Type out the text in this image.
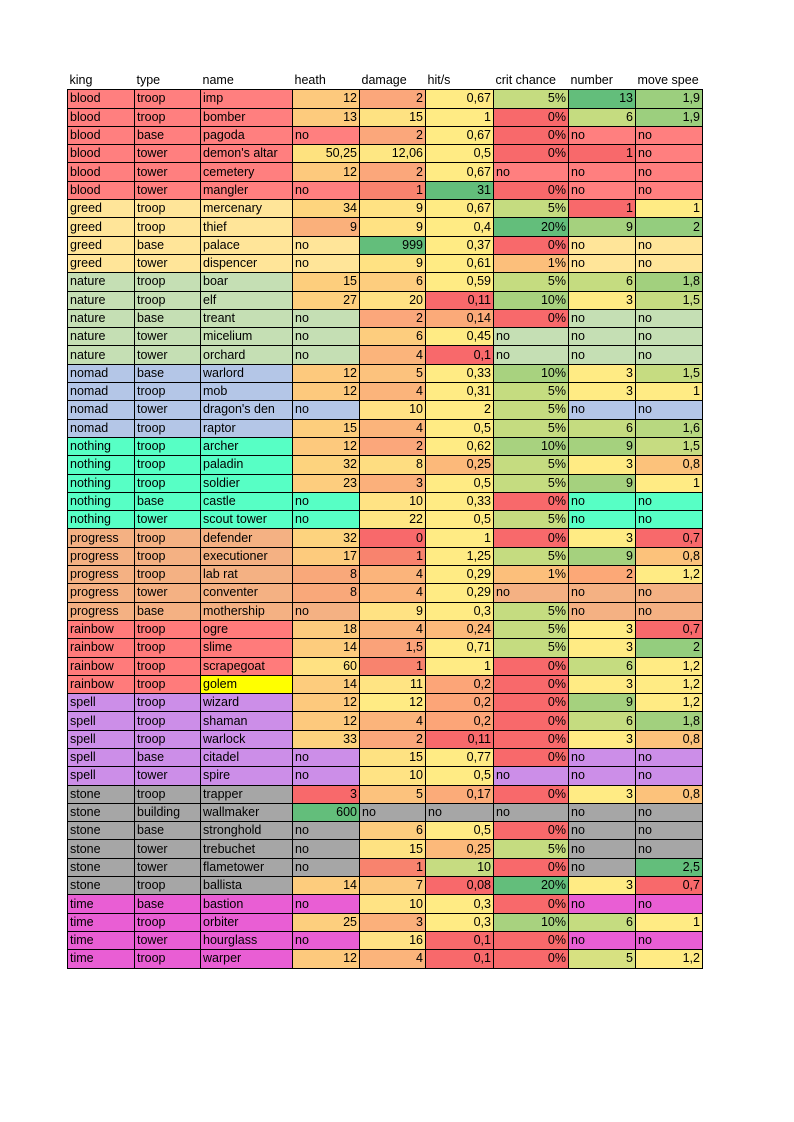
king	type	name	heath	damage	hit/s	crit chance	number	move spee
blood	troop	imp	12	2	0,67	5%	13	1,9
blood	troop	bomber	13	15	1	0%	6	1,9
blood	base	pagoda	no	2	0,67	0%	no	no
blood	tower	demon's altar	50,25	12,06	0,5	0%	1	no
blood	tower	cemetery	12	2	0,67	no	no	no
blood	tower	mangler	no	1	31	0%	no	no
greed	troop	mercenary	34	9	0,67	5%	1	1
greed	troop	thief	9	9	0,4	20%	9	2
greed	base	palace	no	999	0,37	0%	no	no
greed	tower	dispencer	no	9	0,61	1%	no	no
nature	troop	boar	15	6	0,59	5%	6	1,8
nature	troop	elf	27	20	0,11	10%	3	1,5
nature	base	treant	no	2	0,14	0%	no	no
nature	tower	micelium	no	6	0,45	no	no	no
nature	tower	orchard	no	4	0,1	no	no	no
nomad	base	warlord	12	5	0,33	10%	3	1,5
nomad	troop	mob	12	4	0,31	5%	3	1
nomad	tower	dragon's den	no	10	2	5%	no	no
nomad	troop	raptor	15	4	0,5	5%	6	1,6
nothing	troop	archer	12	2	0,62	10%	9	1,5
nothing	troop	paladin	32	8	0,25	5%	3	0,8
nothing	troop	soldier	23	3	0,5	5%	9	1
nothing	base	castle	no	10	0,33	0%	no	no
nothing	tower	scout tower	no	22	0,5	5%	no	no
progress	troop	defender	32	0	1	0%	3	0,7
progress	troop	executioner	17	1	1,25	5%	9	0,8
progress	troop	lab rat	8	4	0,29	1%	2	1,2
progress	tower	conventer	8	4	0,29	no	no	no
progress	base	mothership	no	9	0,3	5%	no	no
rainbow	troop	ogre	18	4	0,24	5%	3	0,7
rainbow	troop	slime	14	1,5	0,71	5%	3	2
rainbow	troop	scrapegoat	60	1	1	0%	6	1,2
rainbow	troop	golem	14	11	0,2	0%	3	1,2
spell	troop	wizard	12	12	0,2	0%	9	1,2
spell	troop	shaman	12	4	0,2	0%	6	1,8
spell	troop	warlock	33	2	0,11	0%	3	0,8
spell	base	citadel	no	15	0,77	0%	no	no
spell	tower	spire	no	10	0,5	no	no	no
stone	troop	trapper	3	5	0,17	0%	3	0,8
stone	building	wallmaker	600	no	no	no	no	no
stone	base	stronghold	no	6	0,5	0%	no	no
stone	tower	trebuchet	no	15	0,25	5%	no	no
stone	tower	flametower	no	1	10	0%	no	2,5
stone	troop	ballista	14	7	0,08	20%	3	0,7
time	base	bastion	no	10	0,3	0%	no	no
time	troop	orbiter	25	3	0,3	10%	6	1
time	tower	hourglass	no	16	0,1	0%	no	no
time	troop	warper	12	4	0,1	0%	5	1,2
